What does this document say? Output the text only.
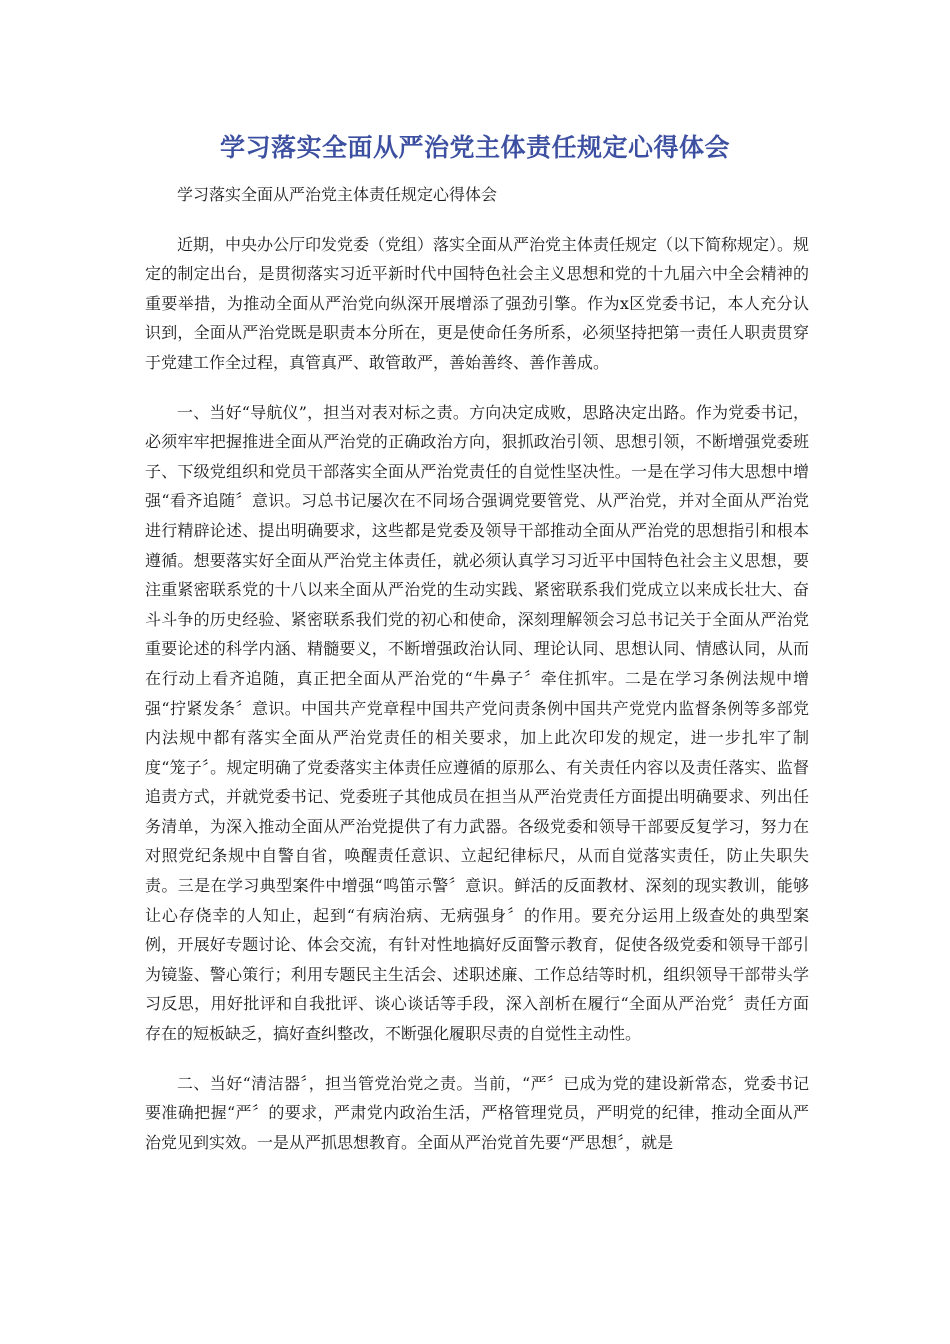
学习落实全面从严治党主体责任规定心得体会

学习落实全面从严治党主体责任规定心得体会

近期，中央办公厅印发党委（党组）落实全面从严治党主体责任规定（以下简称规定）。规定的制定出台，是贯彻落实习近平新时代中国特色社会主义思想和党的十九届六中全会精神的重要举措，为推动全面从严治党向纵深开展增添了强劲引擎。作为x区党委书记，本人充分认识到，全面从严治党既是职责本分所在，更是使命任务所系，必须坚持把第一责任人职责贯穿于党建工作全过程，真管真严、敢管敢严，善始善终、善作善成。

一、当好“导航仪”，担当对表对标之责。方向决定成败，思路决定出路。作为党委书记，必须牢牢把握推进全面从严治党的正确政治方向，狠抓政治引领、思想引领，不断增强党委班子、下级党组织和党员干部落实全面从严治党责任的自觉性坚决性。一是在学习伟大思想中增强“看齐追随〞意识。习总书记屡次在不同场合强调党要管党、从严治党，并对全面从严治党进行精辟论述、提出明确要求，这些都是党委及领导干部推动全面从严治党的思想指引和根本遵循。想要落实好全面从严治党主体责任，就必须认真学习习近平中国特色社会主义思想，要注重紧密联系党的十八以来全面从严治党的生动实践、紧密联系我们党成立以来成长壮大、奋斗斗争的历史经验、紧密联系我们党的初心和使命，深刻理解领会习总书记关于全面从严治党重要论述的科学内涵、精髓要义，不断增强政治认同、理论认同、思想认同、情感认同，从而在行动上看齐追随，真正把全面从严治党的“牛鼻子〞牵住抓牢。二是在学习条例法规中增强“拧紧发条〞意识。中国共产党章程中国共产党问责条例中国共产党党内监督条例等多部党内法规中都有落实全面从严治党责任的相关要求，加上此次印发的规定，进一步扎牢了制度“笼子〞。规定明确了党委落实主体责任应遵循的原那么、有关责任内容以及责任落实、监督追责方式，并就党委书记、党委班子其他成员在担当从严治党责任方面提出明确要求、列出任务清单，为深入推动全面从严治党提供了有力武器。各级党委和领导干部要反复学习，努力在对照党纪条规中自警自省，唤醒责任意识、立起纪律标尺，从而自觉落实责任，防止失职失责。三是在学习典型案件中增强“鸣笛示警〞意识。鲜活的反面教材、深刻的现实教训，能够让心存侥幸的人知止，起到“有病治病、无病强身〞的作用。要充分运用上级查处的典型案例，开展好专题讨论、体会交流，有针对性地搞好反面警示教育，促使各级党委和领导干部引为镜鉴、警心策行；利用专题民主生活会、述职述廉、工作总结等时机，组织领导干部带头学习反思，用好批评和自我批评、谈心谈话等手段，深入剖析在履行“全面从严治党〞责任方面存在的短板缺乏，搞好查纠整改，不断强化履职尽责的自觉性主动性。

二、当好“清洁器〞，担当管党治党之责。当前，“严〞已成为党的建设新常态，党委书记要准确把握“严〞的要求，严肃党内政治生活，严格管理党员，严明党的纪律，推动全面从严治党见到实效。一是从严抓思想教育。全面从严治党首先要“严思想〞，就是
